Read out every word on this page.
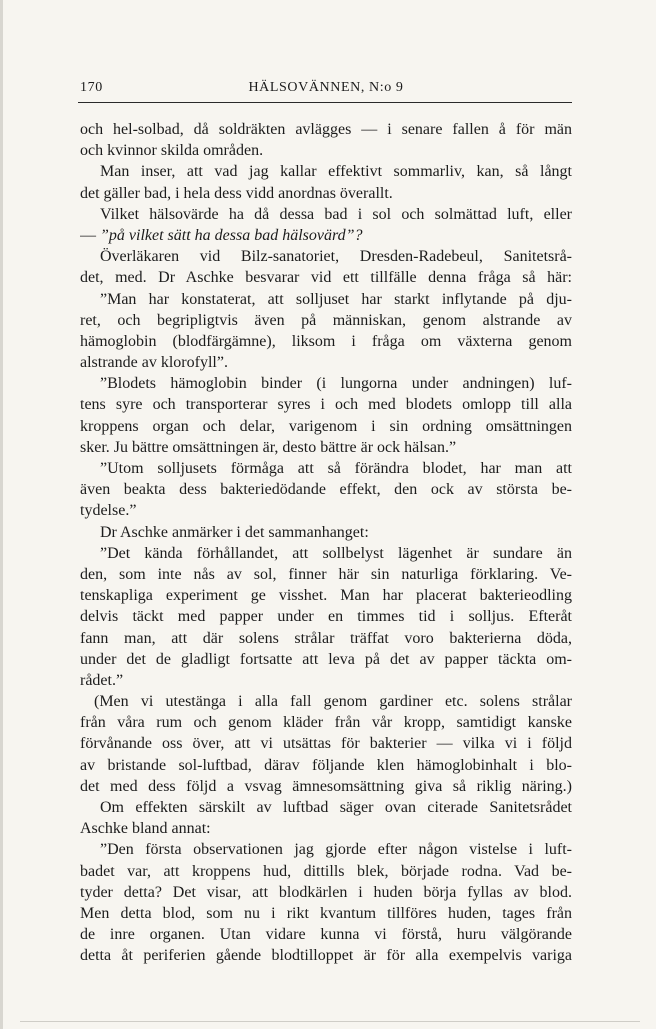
170	HÄLSOVÄNNEN, N:o 9
och hel-solbad, då soldräkten avlägges — i senare fallen å för män
och kvinnor skilda områden.
Man inser, att vad jag kallar effektivt sommarliv, kan, så långt
det gäller bad, i hela dess vidd anordnas överallt.
Vilket hälsovärde ha då dessa bad i sol och solmättad luft, eller
— ”på vilket sätt ha dessa bad hälsovärd”?
Överläkaren vid Bilz-sanatoriet, Dresden-Radebeul, Sanitetsrå-
det, med. Dr Aschke besvarar vid ett tillfälle denna fråga så här:
”Man har konstaterat, att solljuset har starkt inflytande på dju-
ret, och begripligtvis även på människan, genom alstrande av
hämoglobin (blodfärgämne), liksom i fråga om växterna genom
alstrande av klorofyll”.
”Blodets hämoglobin binder (i lungorna under andningen) luf-
tens syre och transporterar syres i och med blodets omlopp till alla
kroppens organ och delar, varigenom i sin ordning omsättningen
sker. Ju bättre omsättningen är, desto bättre är ock hälsan.”
”Utom solljusets förmåga att så förändra blodet, har man att
även beakta dess bakteriedödande effekt, den ock av största be-
tydelse.”
Dr Aschke anmärker i det sammanhanget:
”Det kända förhållandet, att sollbelyst lägenhet är sundare än
den, som inte nås av sol, finner här sin naturliga förklaring. Ve-
tenskapliga experiment ge visshet. Man har placerat bakterieodling
delvis täckt med papper under en timmes tid i solljus. Efteråt
fann man, att där solens strålar träffat voro bakterierna döda,
under det de gladligt fortsatte att leva på det av papper täckta om-
rådet.”
(Men vi utestänga i alla fall genom gardiner etc. solens strålar
från våra rum och genom kläder från vår kropp, samtidigt kanske
förvånande oss över, att vi utsättas för bakterier — vilka vi i följd
av bristande sol-luftbad, därav följande klen hämoglobinhalt i blo-
det med dess följd a vsvag ämnesomsättning giva så riklig näring.)
Om effekten särskilt av luftbad säger ovan citerade Sanitetsrådet
Aschke bland annat:
”Den första observationen jag gjorde efter någon vistelse i luft-
badet var, att kroppens hud, dittills blek, började rodna. Vad be-
tyder detta? Det visar, att blodkärlen i huden börja fyllas av blod.
Men detta blod, som nu i rikt kvantum tillföres huden, tages från
de inre organen. Utan vidare kunna vi förstå, huru välgörande
detta åt periferien gående blodtilloppet är för alla exempelvis variga
